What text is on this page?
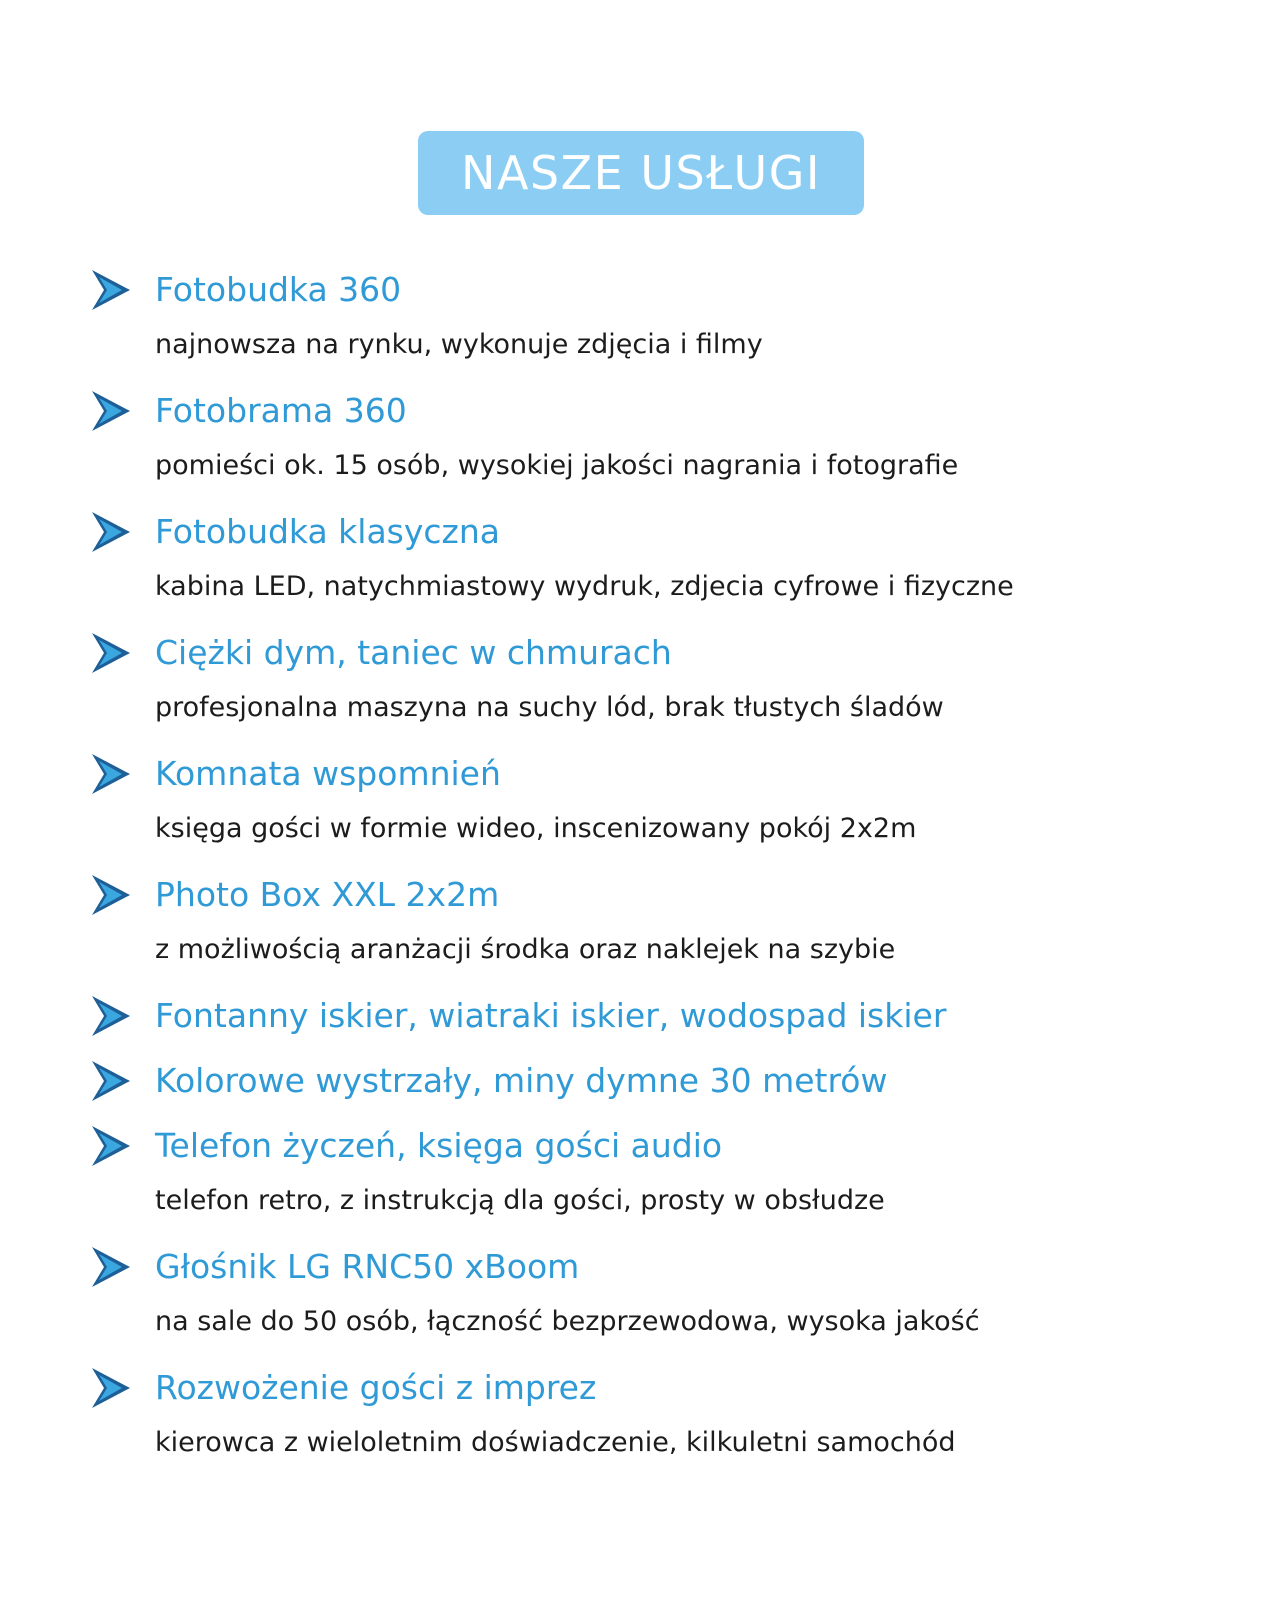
NASZE USŁUGI
Fotobudka 360

najnowsza na rynku, wykonuje zdjęcia i filmy

Fotobrama 360

pomieści ok. 15 osób, wysokiej jakości nagrania i fotografie

Fotobudka klasyczna

kabina LED, natychmiastowy wydruk, zdjecia cyfrowe i fizyczne

Ciężki dym, taniec w chmurach

profesjonalna maszyna na suchy lód, brak tłustych śladów

Komnata wspomnień

księga gości w formie wideo, inscenizowany pokój 2x2m

Photo Box XXL 2x2m

z możliwością aranżacji środka oraz naklejek na szybie

Fontanny iskier, wiatraki iskier, wodospad iskier
Kolorowe wystrzały, miny dymne 30 metrów
Telefon życzeń, księga gości audio

telefon retro, z instrukcją dla gości, prosty w obsłudze

Głośnik LG RNC50 xBoom

na sale do 50 osób, łączność bezprzewodowa, wysoka jakość

Rozwożenie gości z imprez

kierowca z wieloletnim doświadczenie, kilkuletni samochód
